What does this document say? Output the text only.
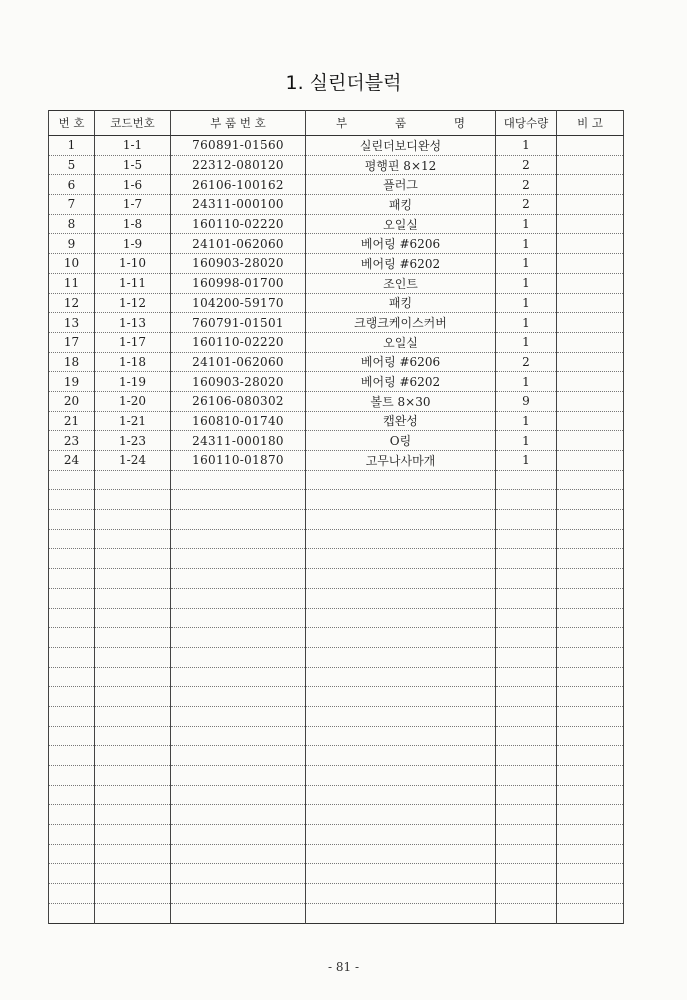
1. 실린더블럭
번 호	코드번호	부 품 번 호	부 품 명	대당수량	비 고
1	1-1	760891-01560	실린더보디완성	1	
5	1-5	22312-080120	평행핀 8×12	2	
6	1-6	26106-100162	플러그	2	
7	1-7	24311-000100	패킹	2	
8	1-8	160110-02220	오일실	1	
9	1-9	24101-062060	베어링 #6206	1	
10	1-10	160903-28020	베어링 #6202	1	
11	1-11	160998-01700	조인트	1	
12	1-12	104200-59170	패킹	1	
13	1-13	760791-01501	크랭크케이스커버	1	
17	1-17	160110-02220	오일실	1	
18	1-18	24101-062060	베어링 #6206	2	
19	1-19	160903-28020	베어링 #6202	1	
20	1-20	26106-080302	볼트 8×30	9	
21	1-21	160810-01740	캡완성	1	
23	1-23	24311-000180	O링	1	
24	1-24	160110-01870	고무나사마개	1	

- 81 -
